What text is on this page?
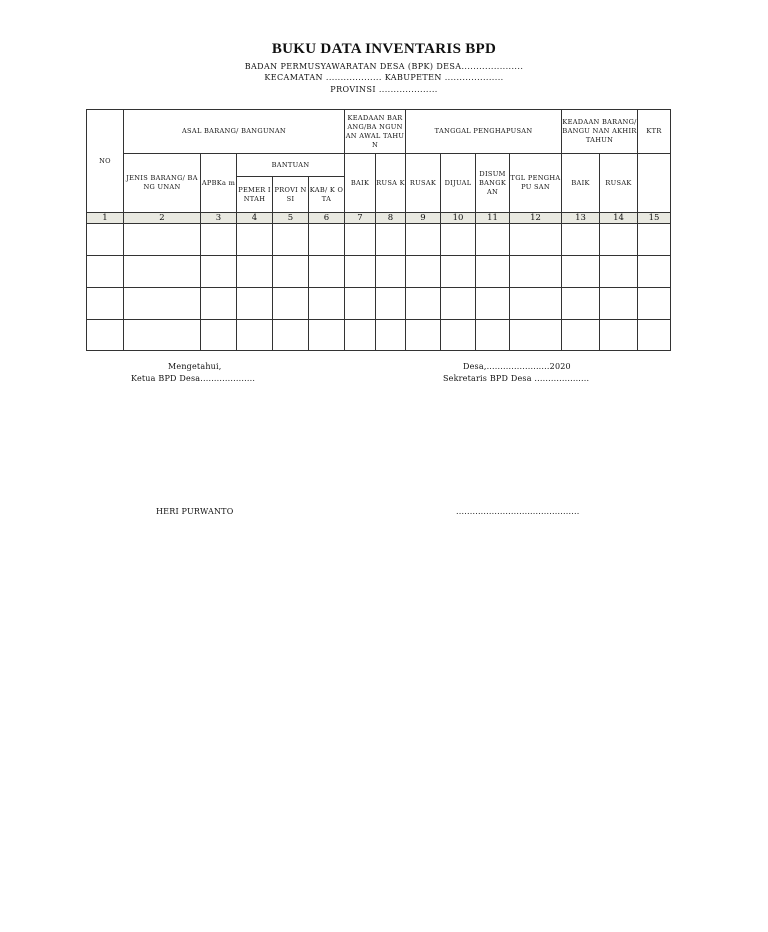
BUKU DATA INVENTARIS BPD
BADAN PERMUSYAWARATAN DESA (BPK) DESA.....................
KECAMATAN ................... KABUPETEN ....................
PROVINSI ....................
NO	ASAL BARANG/ BANGUNAN					KEADAAN BARANG/BA NGUNAN AWAL TAHUN		TANGGAL PENGHAPUSAN				KEADAAN BARANG/BANGU NAN AKHIR TAHUN		KTR
	JENIS BARANG/ BANG UNAN	APBKa m	BANTUAN			BAIK	RUSA K	RUSAK	DIJUAL	DISUM BANGK AN	TGL PENGHAPU SAN	BAIK	RUSAK	
			PEMER INTAH	PROVI NSI	KAB/ K OTA									
1	2	3	4	5	6	7	8	9	10	11	12	13	14	15

Mengetahui,
Ketua BPD Desa....................
Desa,.......................2020
Sekretaris BPD Desa ....................
HERI PURWANTO	.............................................
